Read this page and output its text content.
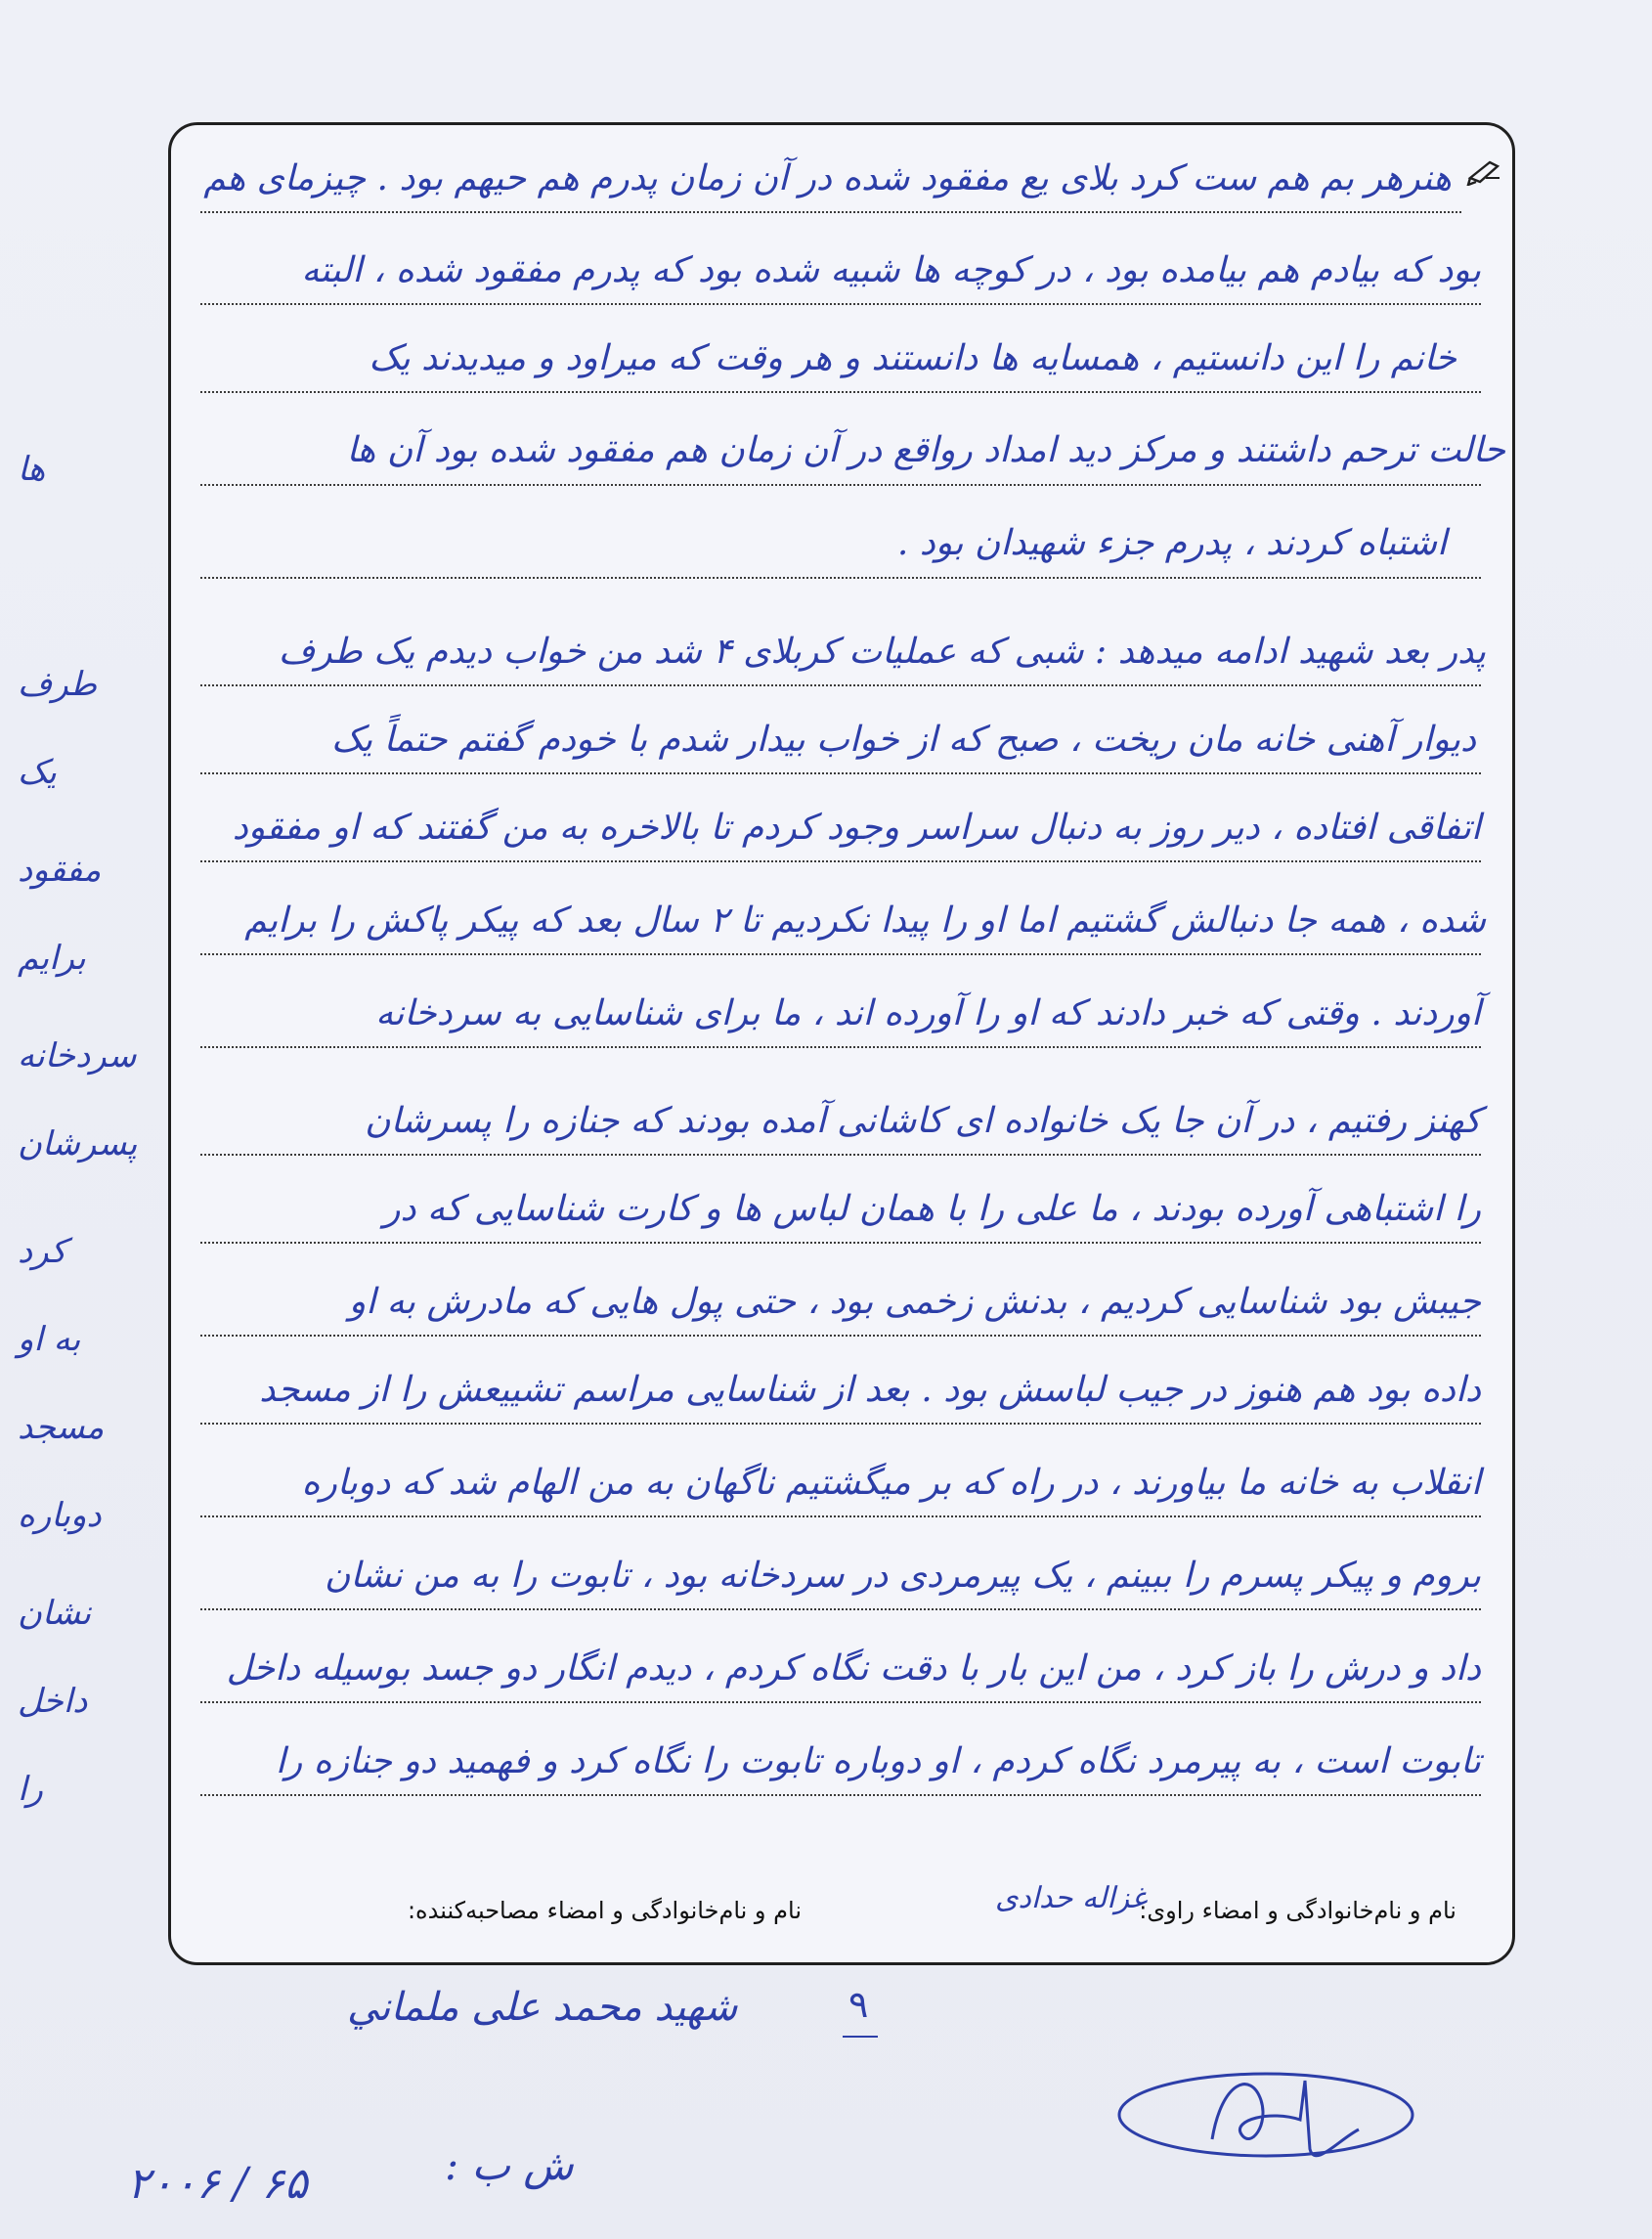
هنرهر بم هم ست کرد بلای یع مفقود شده در آن زمان پدرم هم حیهم بود . چیزمای هم
بود که بیادم هم بیامده بود ، در کوچه ها شبیه شده بود که پدرم مفقود شده ، البته
خانم را این دانستیم ، همسایه ها دانستند و هر وقت که میراود و میدیدند یک
حالت ترحم داشتند و مرکز دید امداد رواقع در آن زمان هم مفقود شده بود آن ها
اشتباه کردند ، پدرم جزء شهیدان بود .
پدر بعد شهید ادامه میدهد : شبی که عملیات کربلای ۴ شد من خواب دیدم یک طرف
دیوار آهنی خانه مان ریخت ، صبح که از خواب بیدار شدم با خودم گفتم حتماً یک
اتفاقی افتاده ، دیر روز به دنبال سراسر وجود کردم تا بالاخره به من گفتند که او مفقود
شده ، همه جا دنبالش گشتیم اما او را پیدا نکردیم تا ۲ سال بعد که پیکر پاکش را برایم
آوردند . وقتی که خبر دادند که او را آورده اند ، ما برای شناسایی به سردخانه
کهنز رفتیم ، در آن جا یک خانواده ای کاشانی آمده بودند که جنازه را پسرشان
را اشتباهی آورده بودند ، ما علی را با همان لباس ها و کارت شناسایی که در
جیبش بود شناسایی کردیم ، بدنش زخمی بود ، حتی پول هایی که مادرش به او
داده بود هم هنوز در جیب لباسش بود . بعد از شناسایی مراسم تشییعش را از مسجد
انقلاب به خانه ما بیاورند ، در راه که بر میگشتیم ناگهان به من الهام شد که دوباره
بروم و پیکر پسرم را ببینم ، یک پیرمردی در سردخانه بود ، تابوت را به من نشان
داد و درش را باز کرد ، من این بار با دقت نگاه کردم ، دیدم انگار دو جسد بوسیله داخل
تابوت است ، به پیرمرد نگاه کردم ، او دوباره تابوت را نگاه کرد و فهمید دو جنازه را
ها
طرف
یک
مفقود
برایم
سردخانه
پسرشان
کرد
به او
مسجد
دوباره
نشان
داخل
را
نام و نام‌خانوادگی و امضاء راوی:  نام و نام‌خانوادگی و امضاء مصاحبه‌کننده:	غزاله حدادی
۹
شهید محمد علی ملماني
ش ب :
۲۰۰۶ / ۶۵
